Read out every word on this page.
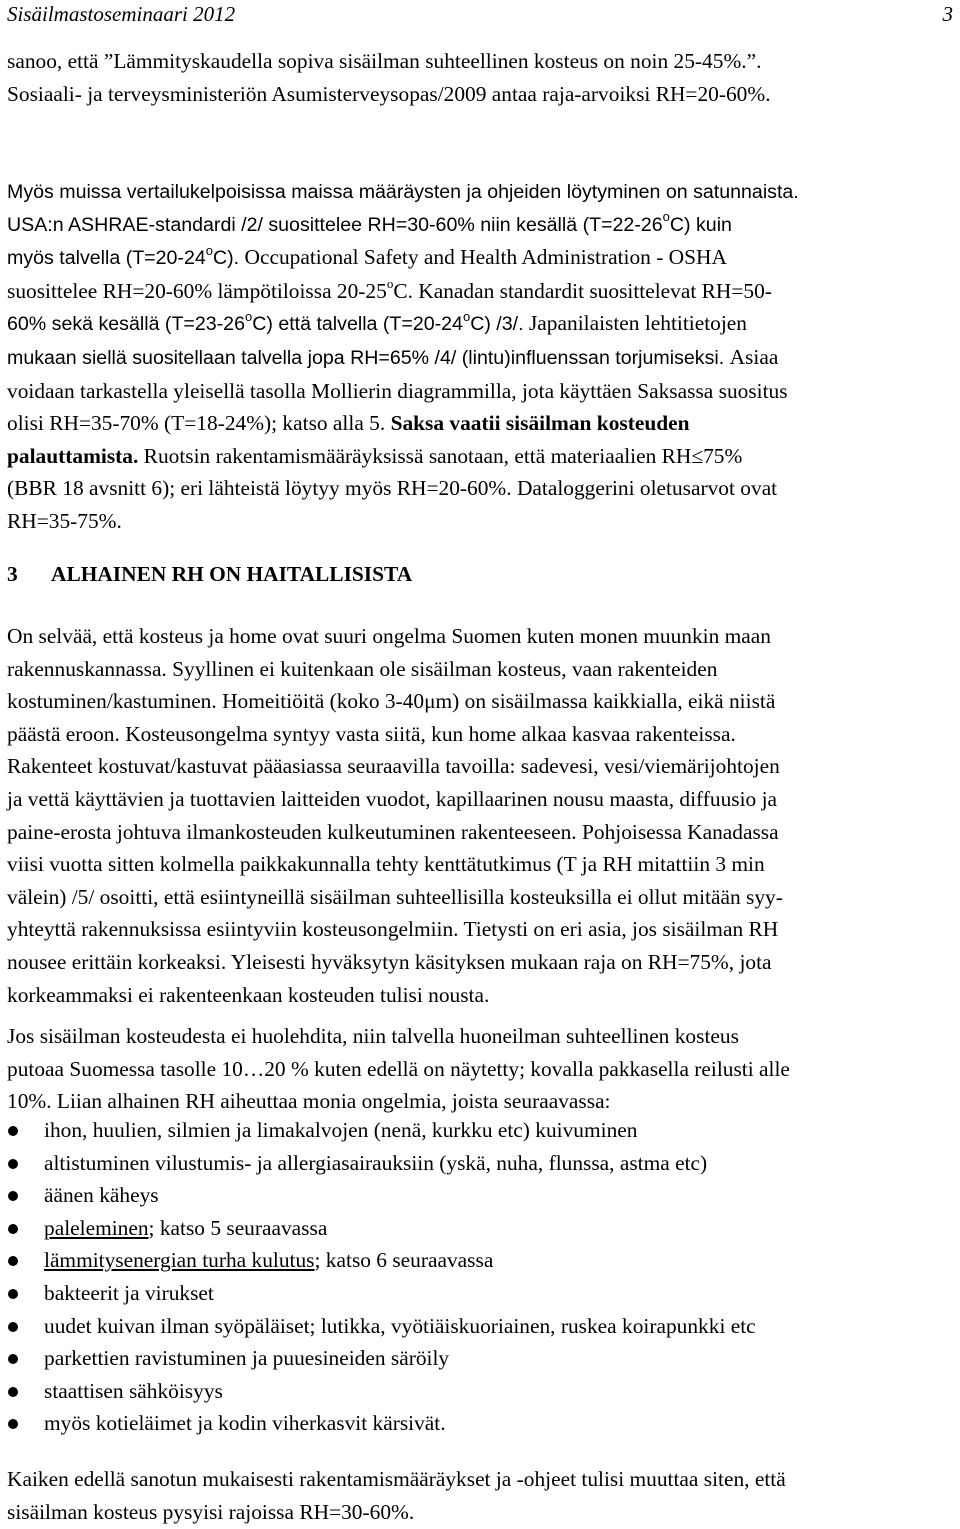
Sisäilmastoseminaari 2012	3
sanoo, että ”Lämmityskaudella sopiva sisäilman suhteellinen kosteus on noin 25-45%.”.
Sosiaali- ja terveysministeriön Asumisterveysopas/2009 antaa raja-arvoiksi RH=20-60%.
Myös muissa vertailukelpoisissa maissa määräysten ja ohjeiden löytyminen on satunnaista.
USA:n ASHRAE-standardi /2/ suosittelee RH=30-60% niin kesällä $(T=22-26^oC)$ kuin
myös talvella $(T=20-24^oC)$. Occupational Safety and Health Administration - OSHA
suosittelee RH=20-60% lämpötiloissa 20-25$^o$C. Kanadan standardit suosittelevat RH=50-
60% sekä kesällä $(T=23-26^oC)$ että talvella $(T=20-24^oC)$ /3/. Japanilaisten lehtitietojen
mukaan siellä suositellaan talvella jopa RH=65% /4/ (lintu)influenssan torjumiseksi. Asiaa
voidaan tarkastella yleisellä tasolla Mollierin diagrammilla, jota käyttäen Saksassa suositus
olisi RH=35-70% (T=18-24%); katso alla 5. Saksa vaatii sisäilman kosteuden
palauttamista. Ruotsin rakentamismääräyksissä sanotaan, että materiaalien RH≤75%
(BBR 18 avsnitt 6); eri lähteistä löytyy myös RH=20-60%. Dataloggerini oletusarvot ovat
RH=35-75%.
3 ALHAINEN RH ON HAITALLISISTA
On selvää, että kosteus ja home ovat suuri ongelma Suomen kuten monen muunkin maan
rakennuskannassa. Syyllinen ei kuitenkaan ole sisäilman kosteus, vaan rakenteiden
kostuminen/kastuminen. Homeitiöitä (koko 3-40μm) on sisäilmassa kaikkialla, eikä niistä
päästä eroon. Kosteusongelma syntyy vasta siitä, kun home alkaa kasvaa rakenteissa.
Rakenteet kostuvat/kastuvat pääasiassa seuraavilla tavoilla: sadevesi, vesi/viemärijohtojen
ja vettä käyttävien ja tuottavien laitteiden vuodot, kapillaarinen nousu maasta, diffuusio ja
paine-erosta johtuva ilmankosteuden kulkeutuminen rakenteeseen. Pohjoisessa Kanadassa
viisi vuotta sitten kolmella paikkakunnalla tehty kenttätutkimus (T ja RH mitattiin 3 min
välein) /5/ osoitti, että esiintyneillä sisäilman suhteellisilla kosteuksilla ei ollut mitään syy-
yhteyttä rakennuksissa esiintyviin kosteusongelmiin. Tietysti on eri asia, jos sisäilman RH
nousee erittäin korkeaksi. Yleisesti hyväksytyn käsityksen mukaan raja on RH=75%, jota
korkeammaksi ei rakenteenkaan kosteuden tulisi nousta.
Jos sisäilman kosteudesta ei huolehdita, niin talvella huoneilman suhteellinen kosteus
putoaa Suomessa tasolle 10…20 % kuten edellä on näytetty; kovalla pakkasella reilusti alle
10%. Liian alhainen RH aiheuttaa monia ongelmia, joista seuraavassa:
ihon, huulien, silmien ja limakalvojen (nenä, kurkku etc) kuivuminen
altistuminen vilustumis- ja allergiasairauksiin (yskä, nuha, flunssa, astma etc)
äänen käheys
paleleminen; katso 5 seuraavassa
lämmitysenergian turha kulutus; katso 6 seuraavassa
bakteerit ja virukset
uudet kuivan ilman syöpäläiset; lutikka, vyötiäiskuoriainen, ruskea koirapunkki etc
parkettien ravistuminen ja puuesineiden säröily
staattisen sähköisyys
myös kotieläimet ja kodin viherkasvit kärsivät.
Kaiken edellä sanotun mukaisesti rakentamismääräykset ja -ohjeet tulisi muuttaa siten, että
sisäilman kosteus pysyisi rajoissa RH=30-60%.
